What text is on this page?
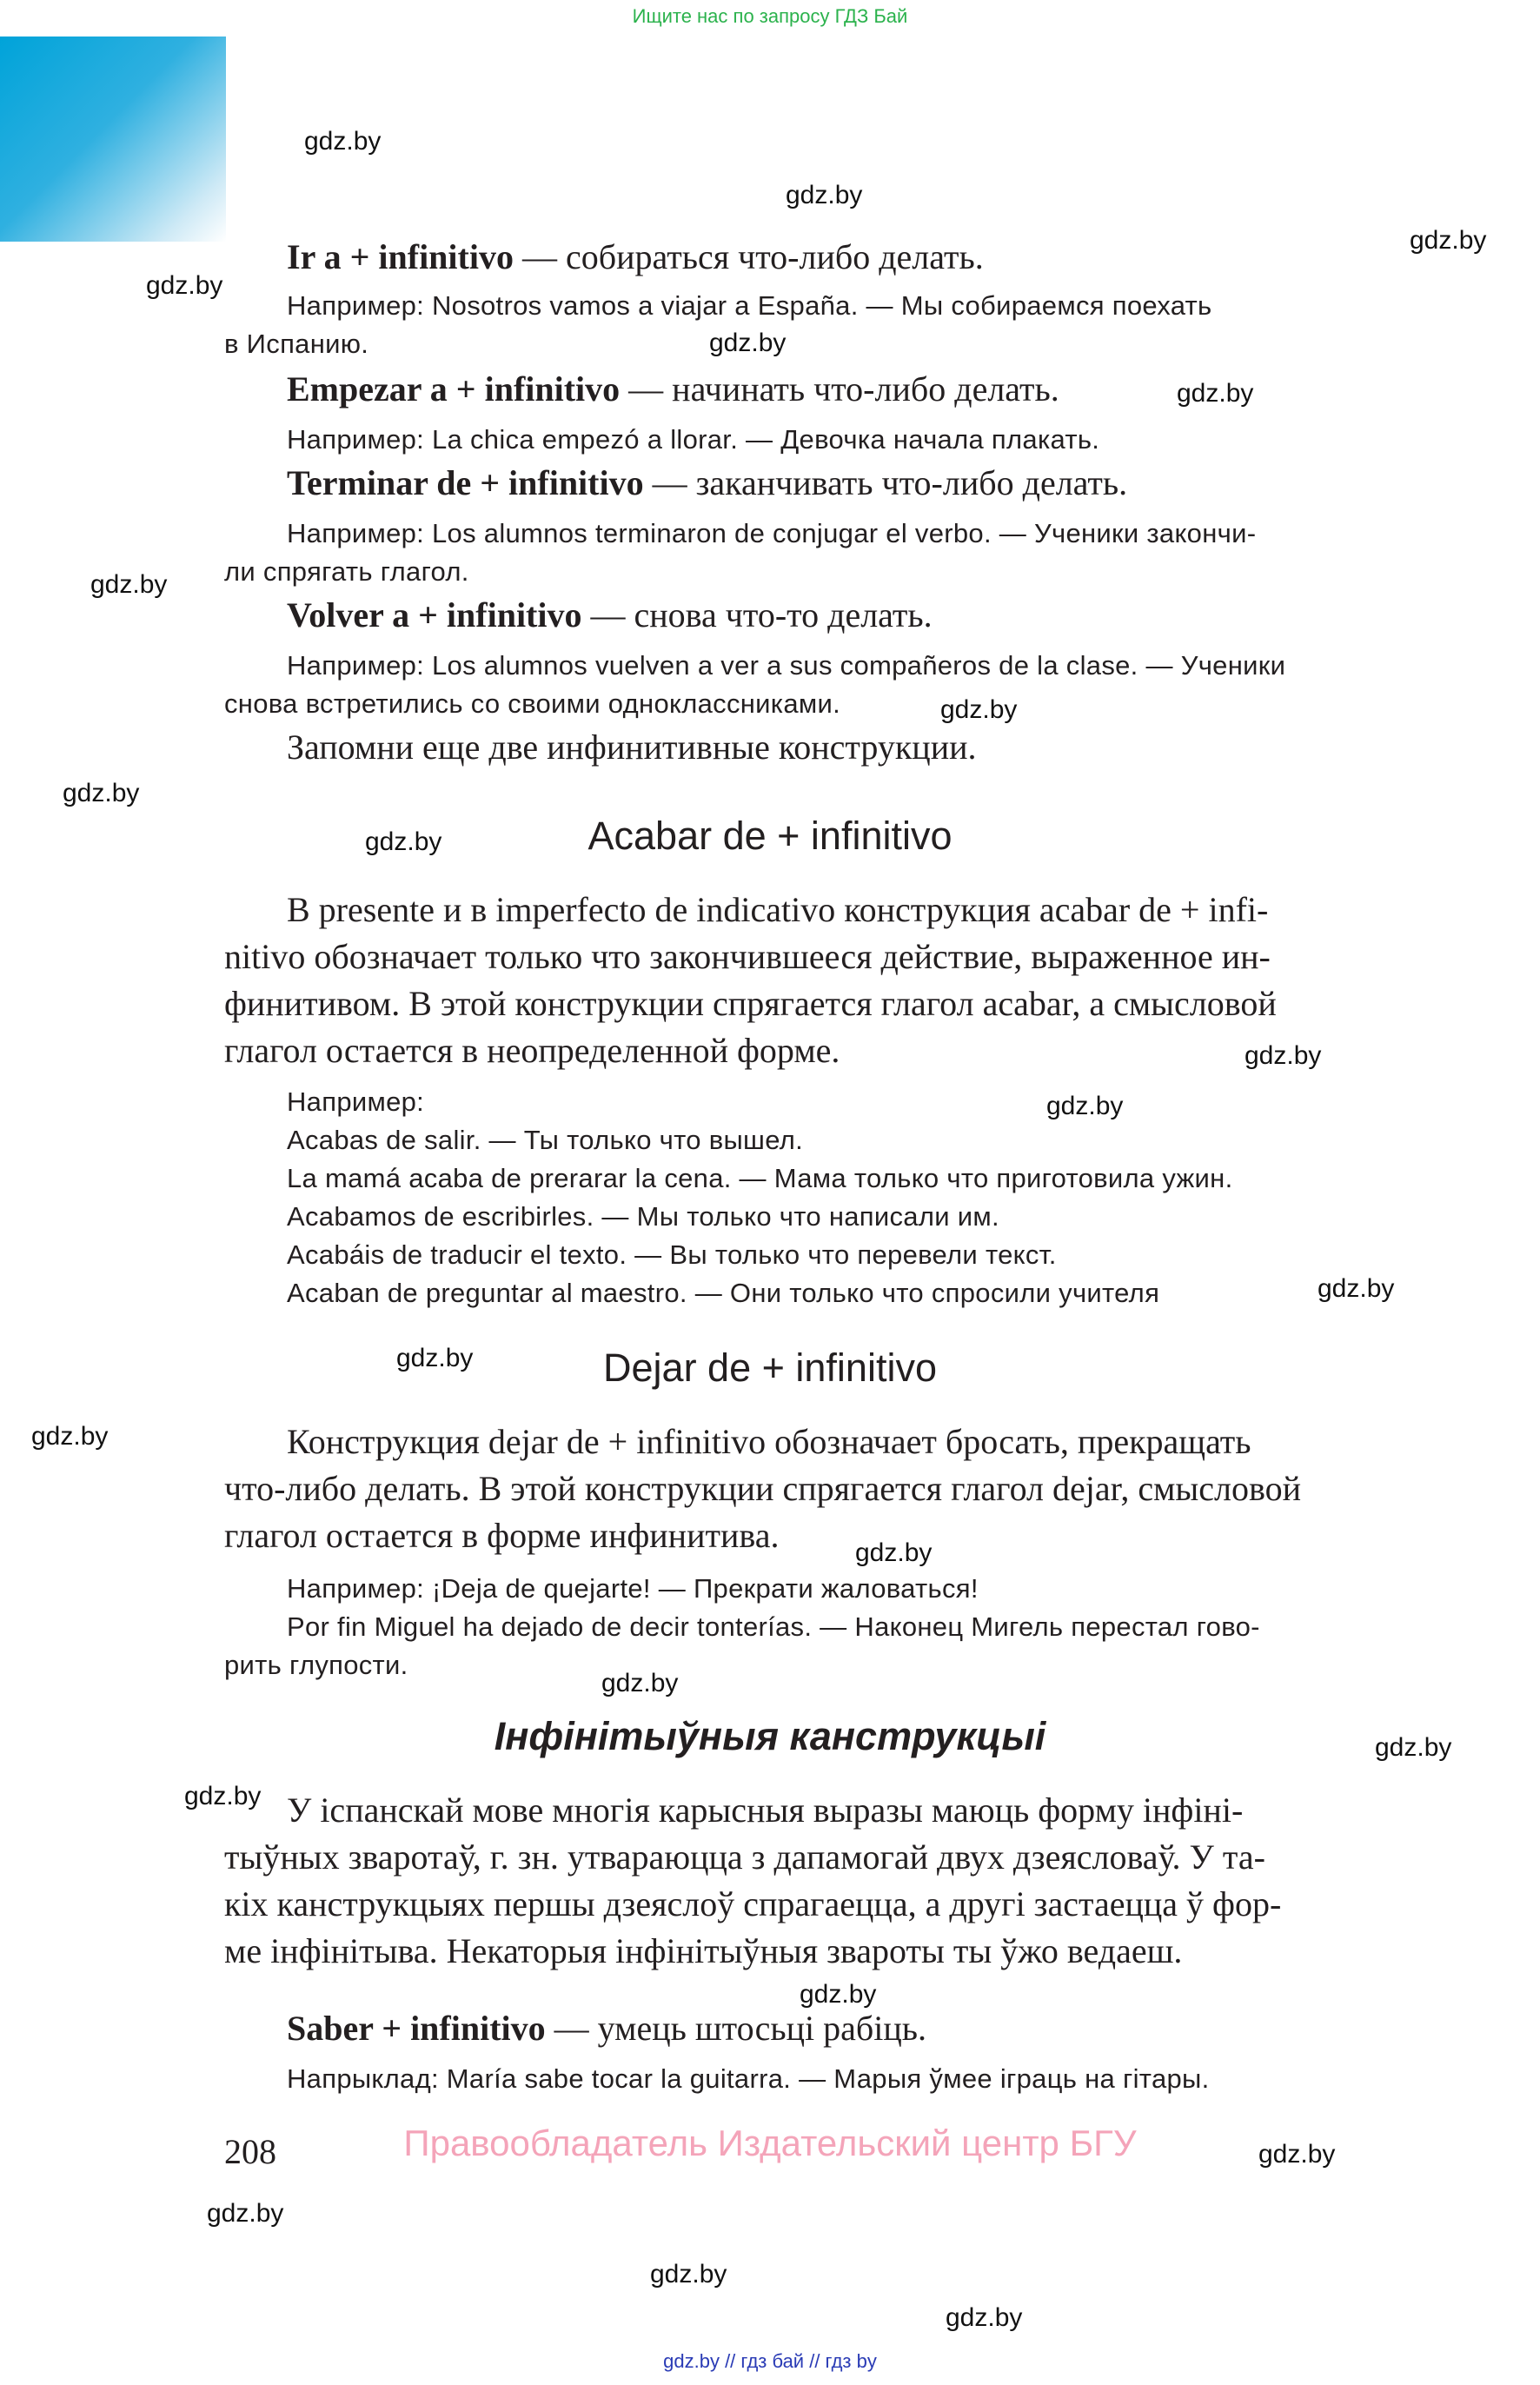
Ищите нас по запросу ГДЗ Бай
gdz.by
gdz.by
gdz.by
gdz.by
gdz.by
gdz.by
gdz.by
gdz.by
gdz.by
gdz.by
gdz.by
gdz.by
gdz.by
gdz.by
gdz.by
gdz.by
gdz.by
gdz.by
gdz.by
gdz.by
gdz.by
gdz.by
gdz.by
gdz.by
Ir a + infinitivo — собираться что-либо делать.
Например: Nosotros vamos a viajar a España. — Мы собираемся поехать
в Испанию.
Empezar a + infinitivo — начинать что-либо делать.
Например: La chica empezó a llorar. — Девочка начала плакать.
Terminar de + infinitivo — заканчивать что-либо делать.
Например: Los alumnos terminaron de conjugar el verbo. — Ученики закончи-
ли спрягать глагол.
Volver a + infinitivo — снова что-то делать.
Например: Los alumnos vuelven a ver a sus compañeros de la clase. — Ученики
снова встретились со своими одноклассниками.
Запомни еще две инфинитивные конструкции.
Acabar de + infinitivo
В presente и в imperfecto de indicativo конструкция acabar de + infi-
nitivo обозначает только что закончившееся действие, выраженное ин-
финитивом. В этой конструкции спрягается глагол acabar, а смысловой
глагол остается в неопределенной форме.
Например:
Acabas de salir. — Ты только что вышел.
La mamá acaba de prerarar la cena. — Мама только что приготовила ужин.
Acabamos de escribirles. — Мы только что написали им.
Acabáis de traducir el texto. — Вы только что перевели текст.
Acaban de preguntar al maestro. — Они только что спросили учителя
Dejar de + infinitivo
Конструкция dejar de + infinitivo обозначает бросать, прекращать
что-либо делать. В этой конструкции спрягается глагол dejar, смысловой
глагол остается в форме инфинитива.
Например: ¡Deja de quejarte! — Прекрати жаловаться!
Por fin Miguel ha dejado de decir tonterías. — Наконец Мигель перестал гово-
рить глупости.
Інфінітыўныя канструкцыі
У іспанскай мове многія карысныя выразы маюць форму інфіні-
тыўных зваротаў, г. зн. утвараюцца з дапамогай двух дзеясловаў. У та-
кіх канструкцыях першы дзеяслоў спрагаецца, а другі застаецца ў фор-
ме інфінітыва. Некаторыя інфінітыўныя звароты ты ўжо ведаеш.
Saber + infinitivo — умець штосьці рабіць.
Напрыклад: María sabe tocar la guitarra. — Марыя ўмее іграць на гітары.
208	Правообладатель Издательский центр БГУ
gdz.by // гдз бай // гдз by
